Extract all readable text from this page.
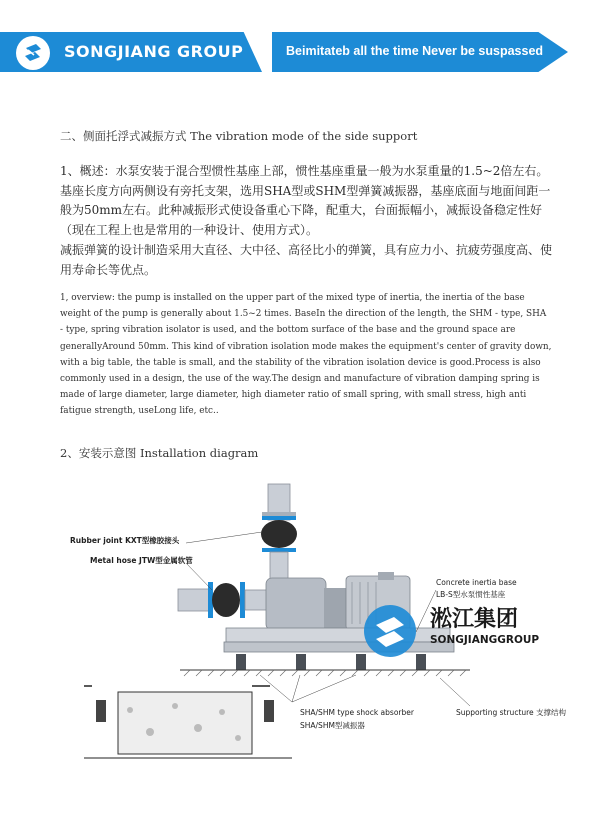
SONGJIANG GROUP	Beimitateb all the time Never be suspassed
二、侧面托浮式减振方式 The vibration mode of the side support

1、概述：水泵安装于混合型惯性基座上部，惯性基座重量一般为水泵重量的1.5~2倍左右。基座长度方向两侧设有旁托支架，选用SHA型或SHM型弹簧减振器，基座底面与地面间距一般为50mm左右。此种减振形式使设备重心下降，配重大，台面振幅小，减振设备稳定性好（现在工程上也是常用的一种设计、使用方式）。

减振弹簧的设计制造采用大直径、大中径、高径比小的弹簧，具有应力小、抗疲劳强度高、使用寿命长等优点。

1, overview: the pump is installed on the upper part of the mixed type of inertia, the inertia of the base weight of the pump is generally about 1.5~2 times. BaseIn the direction of the length, the SHM - type, SHA - type, spring vibration isolator is used, and the bottom surface of the base and the ground space are generallyAround 50mm. This kind of vibration isolation mode makes the equipment's center of gravity down, with a big table, the table is small, and the stability of the vibration isolation device is good.Process is also commonly used in a design, the use of the way.The design and manufacture of vibration damping spring is made of large diameter, large diameter, high diameter ratio of small spring, with small stress, high anti fatigue strength, useLong life, etc..

2、安装示意图 Installation diagram
Rubber joint KXT型橡胶接头
Metal hose JTW型金属软管
Concrete inertia base
LB-S型水泵惯性基座
SHA/SHM type shock absorber
SHA/SHM型减振器
Supporting structure 支撑结构
淞江集团
SONGJIANGGROUP
